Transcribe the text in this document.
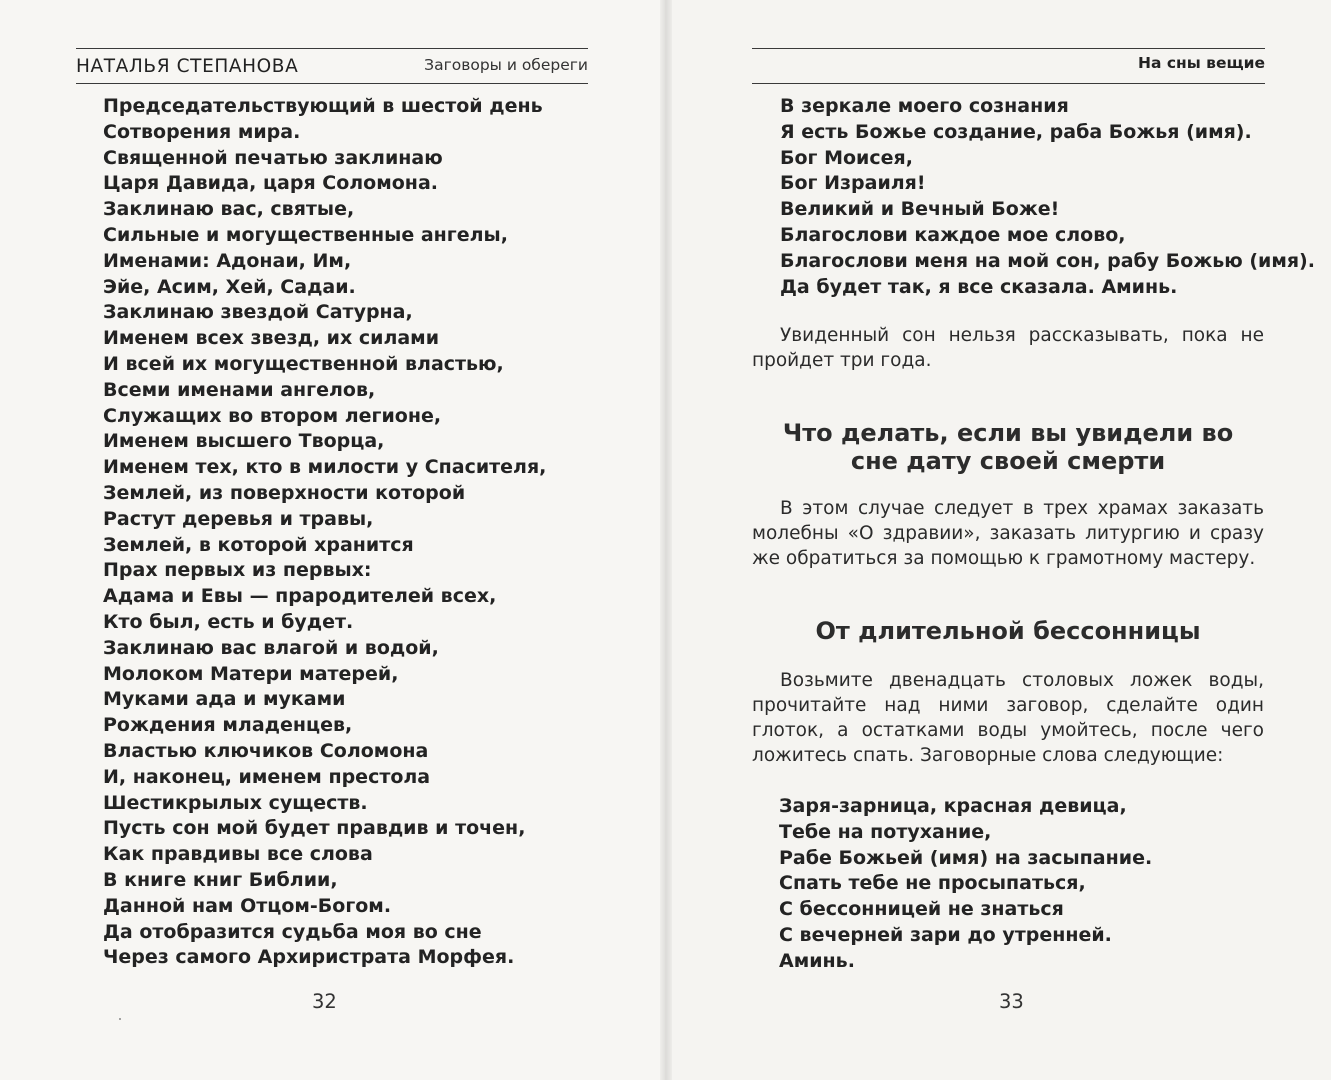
НАТАЛЬЯ СТЕПАНОВА	Заговоры и обереги
Председательствующий в шестой день
Сотворения мира.
Священной печатью заклинаю
Царя Давида, царя Соломона.
Заклинаю вас, святые,
Сильные и могущественные ангелы,
Именами: Адонаи, Им,
Эйе, Асим, Хей, Садаи.
Заклинаю звездой Сатурна,
Именем всех звезд, их силами
И всей их могущественной властью,
Всеми именами ангелов,
Служащих во втором легионе,
Именем высшего Творца,
Именем тех, кто в милости у Спасителя,
Землей, из поверхности которой
Растут деревья и травы,
Землей, в которой хранится
Прах первых из первых:
Адама и Евы — прародителей всех,
Кто был, есть и будет.
Заклинаю вас влагой и водой,
Молоком Матери матерей,
Муками ада и муками
Рождения младенцев,
Властью ключиков Соломона
И, наконец, именем престола
Шестикрылых существ.
Пусть сон мой будет правдив и точен,
Как правдивы все слова
В книге книг Библии,
Данной нам Отцом-Богом.
Да отобразится судьба моя во сне
Через самого Архиристрата Морфея.
32
На сны вещие
В зеркале моего сознания
Я есть Божье создание, раба Божья (имя).
Бог Моисея,
Бог Израиля!
Великий и Вечный Боже!
Благослови каждое мое слово,
Благослови меня на мой сон, рабу Божью (имя).
Да будет так, я все сказала. Аминь.

Увиденный сон нельзя рассказывать, пока не пройдет три года.

Что делать, если вы увидели во сне дату своей смерти

В этом случае следует в трех храмах заказать молебны «О здравии», заказать литургию и сразу же обратиться за помощью к грамотному мастеру.

От длительной бессонницы

Возьмите двенадцать столовых ложек воды, прочитайте над ними заговор, сделайте один глоток, а остатками воды умойтесь, после чего ложитесь спать. Заговорные слова следующие:

Заря-зарница, красная девица,
Тебе на потухание,
Рабе Божьей (имя) на засыпание.
Спать тебе не просыпаться,
С бессонницей не знаться
С вечерней зари до утренней.
Аминь.
33
